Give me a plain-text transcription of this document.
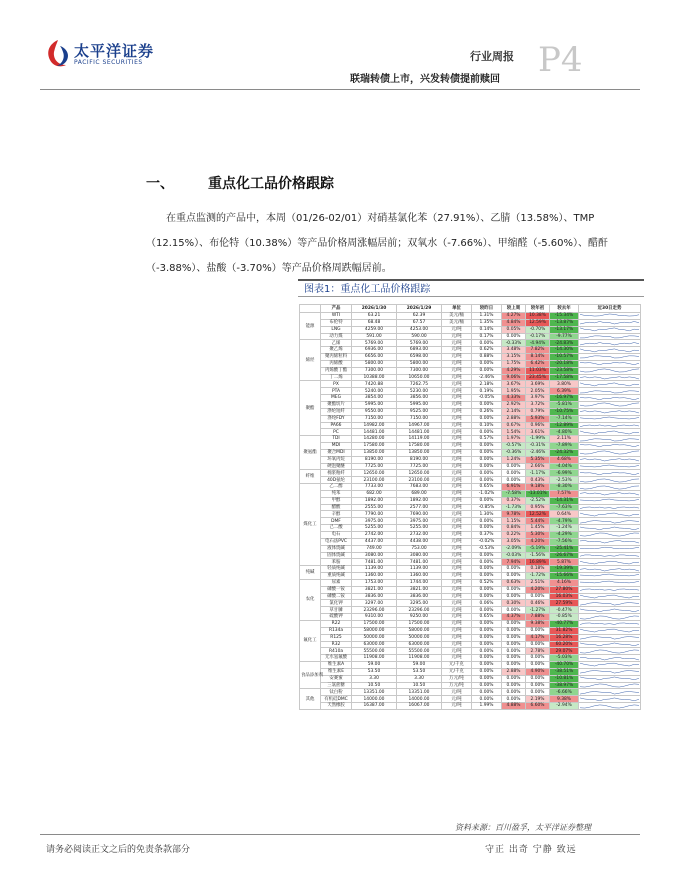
太平洋证券
PACIFIC SECURITIES	行业周报 P4
联瑞转债上市，兴发转债提前赎回
一、 重点化工品价格跟踪
在重点监测的产品中，本周（01/26-02/01）对硝基氯化苯（27.91%）、乙腈（13.58%）、TMP（12.15%）、布伦特（10.38%）等产品价格周涨幅居前；双氧水（-7.66%）、甲缩醛（-5.60%）、醋酐（-3.88%）、盐酸（-3.70%）等产品价格周跌幅居前。
图表1：重点化工品价格跟踪
	产品	2026/1/30	2026/1/29	单位	较昨日	较上周	较年初	较去年	近30日走势
能源	WTI	63.21	62.39	美元/桶	1.31%	4.27%	10.38%	-15.34%	

	布伦特	68.48	67.57	美元/桶	1.35%	4.84%	12.59%	-13.87%	

	LNG	4259.00	4253.00	元/吨	0.14%	0.05%	-0.70%	-13.17%	

	动力煤	591.00	590.00	元/吨	0.17%	0.00%	-0.17%	-9.77%	

烯烃	乙烯	5769.00	5769.00	元/吨	0.00%	-0.33%	-4.94%	-24.83%	

	聚乙烯	6936.00	6893.00	元/吨	0.62%	3.48%	7.82%	-14.30%	

	聚丙烯粒料	6656.00	6598.00	元/吨	0.88%	3.15%	8.14%	-10.57%	

	丙烯酸	5800.00	5800.00	元/吨	0.00%	1.75%	6.42%	-20.18%	

	丙烯酸丁酯	7300.00	7300.00	元/吨	0.00%	4.29%	11.03%	-23.58%	

	丁二烯	10388.00	10650.00	元/吨	-2.46%	9.06%	23.45%	-17.58%	

聚酯	PX	7420.88	7262.75	元/吨	2.18%	3.67%	3.69%	3.80%	

	PTA	5240.00	5230.00	元/吨	0.19%	1.95%	2.05%	6.39%	

	MEG	3854.00	3856.00	元/吨	-0.05%	4.33%	3.97%	-16.97%	

	聚酯切片	5995.00	5995.00	元/吨	0.00%	2.92%	3.72%	-5.81%	

	涤纶短纤	9550.00	9525.00	元/吨	0.26%	2.14%	0.79%	-10.75%	

	涤纶FDY	7150.00	7150.00	元/吨	0.00%	2.88%	5.93%	-7.14%	

	PA66	14982.00	14967.00	元/吨	0.10%	0.67%	0.96%	-12.89%	

	PC	14481.00	14481.00	元/吨	0.00%	1.54%	3.61%	-4.80%	

聚氨酯	TDI	14280.00	14119.00	元/吨	0.57%	1.97%	-1.99%	2.11%	

	MDI	17580.00	17580.00	元/吨	0.00%	-0.57%	-0.31%	-7.89%	

	聚合MDI	13850.00	13850.00	元/吨	0.00%	-0.36%	-2.46%	-24.32%	

	环氧丙烷	8190.00	8190.00	元/吨	0.00%	1.24%	5.35%	4.68%	

	硬泡聚醚	7725.00	7725.00	元/吨	0.00%	0.00%	2.66%	-4.04%	

纤维	棉浆粕纤	12650.00	12650.00	元/吨	0.00%	0.00%	-1.17%	-6.99%	

	40D氨纶	23100.00	23100.00	元/吨	0.00%	0.00%	0.43%	-2.53%	

煤化工	乙二醇	7733.00	7683.00	元/吨	0.65%	6.91%	9.18%	-8.30%	

	纯苯	682.00	689.00	元/吨	-1.02%	-7.58%	-13.01%	7.57%	

	甲醇	1892.00	1892.00	元/吨	0.00%	0.37%	-2.52%	-14.31%	

	醋酸	2555.00	2577.00	元/吨	-0.85%	-1.73%	0.95%	-7.63%	

	辛醇	7790.00	7690.00	元/吨	1.30%	9.78%	12.52%	0.64%	

	DMF	3975.00	3975.00	元/吨	0.00%	1.15%	5.44%	-4.79%	

	己二酸	5255.00	5255.00	元/吨	0.00%	0.84%	1.45%	-1.24%	

	电石	2742.00	2732.00	元/吨	0.37%	0.22%	5.30%	-4.29%	

	电石法PVC	4437.00	4438.00	元/吨	-0.02%	3.05%	4.20%	-7.56%	

	液体烧碱	749.00	753.00	元/吨	-0.53%	-2.09%	-5.19%	-25.41%	

	固体烧碱	3080.00	3080.00	元/吨	0.00%	-0.03%	-1.56%	-26.67%	

	苯胺	7481.00	7481.00	元/吨	0.00%	7.94%	16.89%	5.87%	

纯碱	轻质纯碱	1139.00	1139.00	元/吨	0.00%	0.00%	0.18%	-19.39%	

	重质纯碱	1360.00	1360.00	元/吨	0.00%	0.00%	-1.72%	-15.66%	

农化	尿素	1753.00	1744.00	元/吨	0.52%	0.63%	2.51%	4.16%	

	磷酸一铵	3821.00	3821.00	元/吨	0.00%	0.00%	4.20%	27.80%	

	磷酸二铵	3836.00	3836.00	元/吨	0.00%	0.00%	0.00%	16.03%	

	氯化钾	3297.00	3295.00	元/吨	0.06%	0.30%	0.46%	27.59%	

	草甘膦	23296.00	23296.00	元/吨	0.00%	0.00%	-1.27%	-0.47%	

	硫酸钾	9310.00	9250.00	元/吨	0.65%	4.37%	7.88%	-0.85%	

氟化工	R22	17500.00	17500.00	元/吨	0.00%	0.00%	9.38%	-40.77%	

	R134a	58000.00	58000.00	元/吨	0.00%	0.00%	0.00%	31.82%	

	R125	50000.00	50000.00	元/吨	0.00%	0.00%	4.17%	16.28%	

	R32	63000.00	63000.00	元/吨	0.00%	0.00%	0.00%	60.20%	

	R410a	55500.00	55500.00	元/吨	0.00%	0.00%	2.78%	29.07%	

	无水氢氟酸	11908.00	11908.00	元/吨	0.00%	0.00%	0.00%	-5.03%	

食品添加剂	维生素A	59.00	59.00	元/千克	0.00%	0.00%	0.00%	-40.70%	

	维生素E	53.50	53.50	元/千克	0.00%	2.88%	4.90%	-38.51%	

	安赛蜜	3.30	3.30	万元/吨	0.00%	0.00%	0.00%	-10.81%	

	三氯蔗糖	10.50	10.50	万元/吨	0.00%	0.00%	0.00%	-38.97%	

其他	钛白粉	13351.00	13351.00	元/吨	0.00%	0.00%	0.00%	-6.66%	

	有机硅DMC	14000.00	14000.00	元/吨	0.00%	0.00%	2.19%	9.38%	

	天然橡胶	16387.00	16067.00	元/吨	1.99%	4.88%	6.60%	-2.94%	
资料来源：百川盈孚，太平洋证券整理
请务必阅读正文之后的免责条款部分	守正 出奇 宁静 致远
